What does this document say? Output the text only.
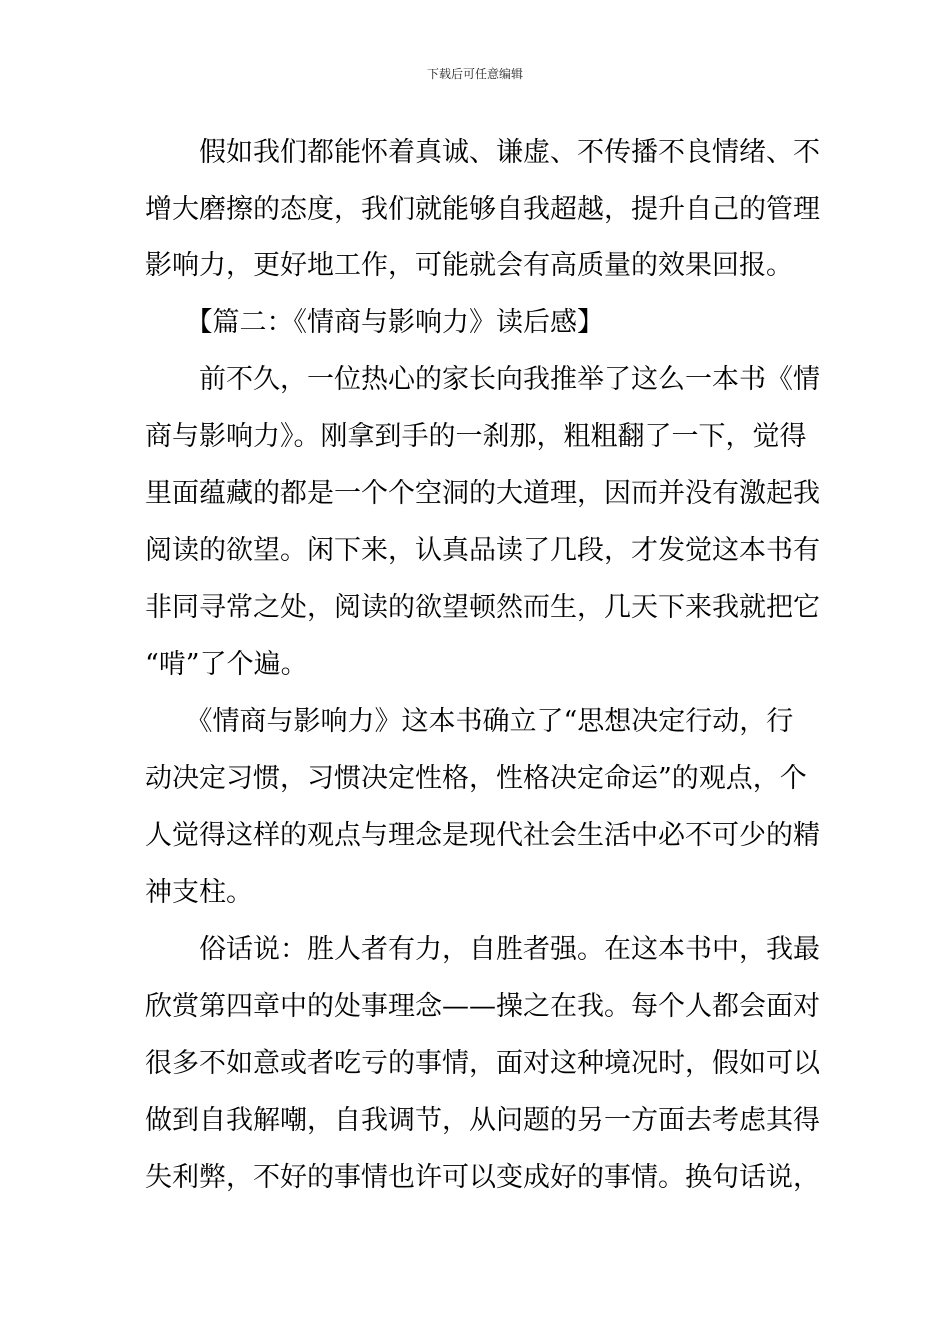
下载后可任意编辑
　　假如我们都能怀着真诚、谦虚、不传播不良情绪、不
增大磨擦的态度，我们就能够自我超越，提升自己的管理
影响力，更好地工作，可能就会有高质量的效果回报。
　　【篇二：《情商与影响力》读后感】
　　前不久，一位热心的家长向我推举了这么一本书《情
商与影响力》。刚拿到手的一刹那，粗粗翻了一下，觉得
里面蕴藏的都是一个个空洞的大道理，因而并没有激起我
阅读的欲望。闲下来，认真品读了几段，才发觉这本书有
非同寻常之处，阅读的欲望顿然而生，几天下来我就把它
“啃”了个遍。
　　《情商与影响力》这本书确立了“思想决定行动，行
动决定习惯，习惯决定性格，性格决定命运”的观点，个
人觉得这样的观点与理念是现代社会生活中必不可少的精
神支柱。
　　俗话说：胜人者有力，自胜者强。在这本书中，我最
欣赏第四章中的处事理念——操之在我。每个人都会面对
很多不如意或者吃亏的事情，面对这种境况时，假如可以
做到自我解嘲，自我调节，从问题的另一方面去考虑其得
失利弊，不好的事情也许可以变成好的事情。换句话说，
